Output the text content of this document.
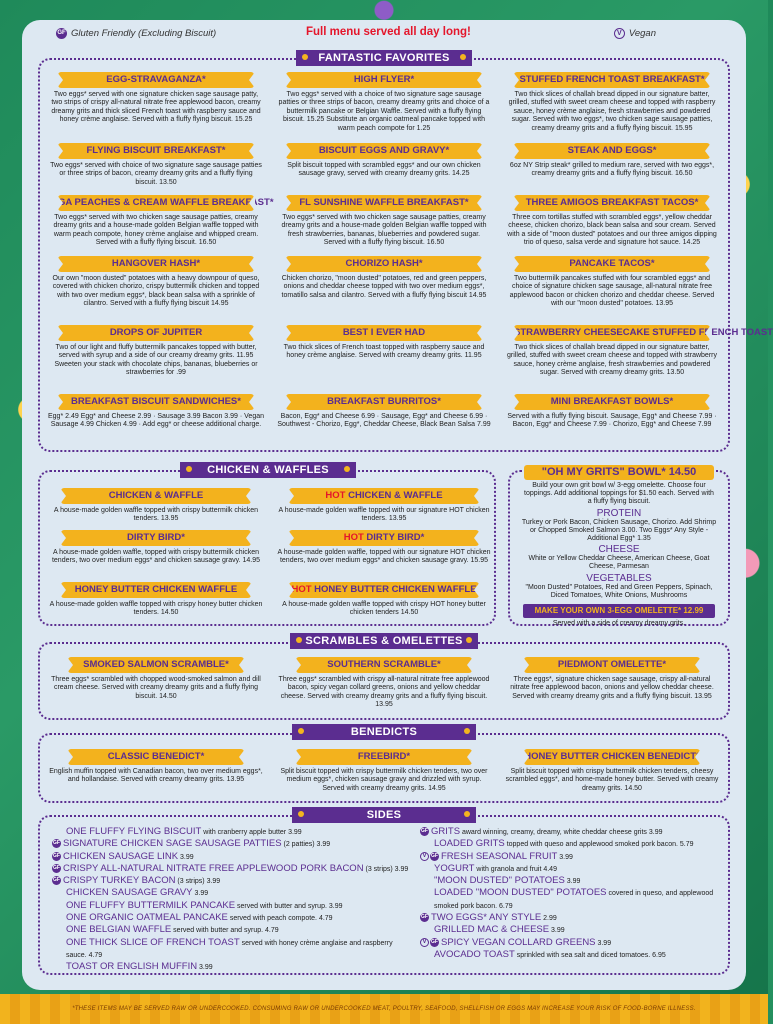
GF Gluten Friendly (Excluding Biscuit)	Full menu served all day long!	V Vegan
FANTASTIC FAVORITES
EGG-STRAVAGANZA*
Two eggs* served with one signature chicken sage sausage patty, two strips of crispy all-natural nitrate free applewood bacon, creamy dreamy grits and thick sliced French toast with raspberry sauce and honey crème anglaise. Served with a fluffy flying biscuit. 15.25
HIGH FLYER*
Two eggs* served with a choice of two signature sage sausage patties or three strips of bacon, creamy dreamy grits and choice of a buttermilk pancake or Belgian Waffle. Served with a fluffy flying biscuit. 15.25 Substitute an organic oatmeal pancake topped with warm peach compote for 1.25
STUFFED FRENCH TOAST BREAKFAST*
Two thick slices of challah bread dipped in our signature batter, grilled, stuffed with sweet cream cheese and topped with raspberry sauce, honey crème anglaise, fresh strawberries and powdered sugar. Served with two eggs*, two chicken sage sausage patties, creamy dreamy grits and a fluffy flying biscuit. 15.95
FLYING BISCUIT BREAKFAST*
Two eggs* served with choice of two signature sage sausage patties or three strips of bacon, creamy dreamy grits and a fluffy flying biscuit. 13.50
BISCUIT EGGS AND GRAVY*
Split biscuit topped with scrambled eggs* and our own chicken sausage gravy, served with creamy dreamy grits. 14.25
STEAK AND EGGS*
6oz NY Strip steak* grilled to medium rare, served with two eggs*, creamy dreamy grits and a fluffy flying biscuit. 16.50
GA PEACHES & CREAM WAFFLE BREAKFAST*
Two eggs* served with two chicken sage sausage patties, creamy dreamy grits and a house-made golden Belgian waffle topped with warm peach compote, honey crème anglaise and whipped cream. Served with a fluffy flying biscuit. 16.50
FL SUNSHINE WAFFLE BREAKFAST*
Two eggs* served with two chicken sage sausage patties, creamy dreamy grits and a house-made golden Belgian waffle topped with fresh strawberries, bananas, blueberries and powdered sugar. Served with a fluffy flying biscuit. 16.50
THREE AMIGOS BREAKFAST TACOS*
Three corn tortillas stuffed with scrambled eggs*, yellow cheddar cheese, chicken chorizo, black bean salsa and sour cream. Served with a side of "moon dusted" potatoes and our three amigos dipping trio of queso, salsa verde and signature hot sauce. 14.25
HANGOVER HASH*
Our own "moon dusted" potatoes with a heavy downpour of queso, covered with chicken chorizo, crispy buttermilk chicken and topped with two over medium eggs*, black bean salsa with a sprinkle of cilantro. Served with a fluffy flying biscuit 14.95
CHORIZO HASH*
Chicken chorizo, "moon dusted" potatoes, red and green peppers, onions and cheddar cheese topped with two over medium eggs*, tomatillo salsa and cilantro. Served with a fluffy flying biscuit 14.95
PANCAKE TACOS*
Two buttermilk pancakes stuffed with four scrambled eggs* and choice of signature chicken sage sausage, all-natural nitrate free applewood bacon or chicken chorizo and cheddar cheese. Served with our "moon dusted" potatoes. 13.95
DROPS OF JUPITER
Two of our light and fluffy buttermilk pancakes topped with butter, served with syrup and a side of our creamy dreamy grits. 11.95 Sweeten your stack with chocolate chips, bananas, blueberries or strawberries for .99
BEST I EVER HAD
Two thick slices of French toast topped with raspberry sauce and honey crème anglaise. Served with creamy dreamy grits. 11.95
STRAWBERRY CHEESECAKE STUFFED FRENCH TOAST
Two thick slices of challah bread dipped in our signature batter, grilled, stuffed with sweet cream cheese and topped with strawberry sauce, honey crème anglaise, fresh strawberries and powdered sugar. Served with creamy dreamy grits. 13.50
BREAKFAST BISCUIT SANDWICHES*
Egg* 2.49 Egg* and Cheese 2.99 · Sausage 3.99 Bacon 3.99 · Vegan Sausage 4.99 Chicken 4.99 · Add egg* or cheese additional charge.
BREAKFAST BURRITOS*
Bacon, Egg* and Cheese 6.99 · Sausage, Egg* and Cheese 6.99 · Southwest - Chorizo, Egg*, Cheddar Cheese, Black Bean Salsa 7.99
MINI BREAKFAST BOWLS*
Served with a fluffy flying biscuit. Sausage, Egg* and Cheese 7.99 · Bacon, Egg* and Cheese 7.99 · Chorizo, Egg* and Cheese 7.99
CHICKEN & WAFFLES
CHICKEN & WAFFLE
A house-made golden waffle topped with crispy buttermilk chicken tenders. 13.95
HOT CHICKEN & WAFFLE
A house-made golden waffle topped with our signature HOT chicken tenders. 13.95
DIRTY BIRD*
A house-made golden waffle, topped with crispy buttermilk chicken tenders, two over medium eggs* and chicken sausage gravy. 14.95
HOT DIRTY BIRD*
A house-made golden waffle, topped with our signature HOT chicken tenders, two over medium eggs* and chicken sausage gravy. 15.95
HONEY BUTTER CHICKEN WAFFLE
A house-made golden waffle topped with crispy honey butter chicken tenders. 14.50
HOT HONEY BUTTER CHICKEN WAFFLE
A house-made golden waffle topped with crispy HOT honey butter chicken tenders 14.50
"OH MY GRITS" BOWL* 14.50
Build your own grit bowl w/ 3-egg omelette. Choose four toppings. Add additional toppings for $1.50 each. Served with a fluffy flying biscuit.
PROTEIN
Turkey or Pork Bacon, Chicken Sausage, Chorizo. Add Shrimp or Chopped Smoked Salmon 3.00. Two Eggs* Any Style - Additional Egg* 1.35
CHEESE
White or Yellow Cheddar Cheese, American Cheese, Goat Cheese, Parmesan
VEGETABLES
"Moon Dusted" Potatoes, Red and Green Peppers, Spinach, Diced Tomatoes, White Onions, Mushrooms
MAKE YOUR OWN 3-EGG OMELETTE* 12.99
Served with a side of creamy dreamy grits.
SCRAMBLES & OMELETTES
SMOKED SALMON SCRAMBLE*
Three eggs* scrambled with chopped wood-smoked salmon and dill cream cheese. Served with creamy dreamy grits and a fluffy flying biscuit. 14.50
SOUTHERN SCRAMBLE*
Three eggs* scrambled with crispy all-natural nitrate free applewood bacon, spicy vegan collard greens, onions and yellow cheddar cheese. Served with creamy dreamy grits and a fluffy flying biscuit. 13.95
PIEDMONT OMELETTE*
Three eggs*, signature chicken sage sausage, crispy all-natural nitrate free applewood bacon, onions and yellow cheddar cheese. Served with creamy dreamy grits and a fluffy flying biscuit. 13.95
BENEDICTS
CLASSIC BENEDICT*
English muffin topped with Canadian bacon, two over medium eggs*, and hollandaise. Served with creamy dreamy grits. 13.95
FREEBIRD*
Split biscuit topped with crispy buttermilk chicken tenders, two over medium eggs*, chicken sausage gravy and drizzled with syrup. Served with creamy dreamy grits. 14.95
HONEY BUTTER CHICKEN BENEDICT*
Split biscuit topped with crispy buttermilk chicken tenders, cheesy scrambled eggs*, and home-made honey butter. Served with creamy dreamy grits. 14.50
SIDES
ONE FLUFFY FLYING BISCUIT with cranberry apple butter 3.99
GF SIGNATURE CHICKEN SAGE SAUSAGE PATTIES (2 patties) 3.99
GF CHICKEN SAUSAGE LINK 3.99
GF CRISPY ALL-NATURAL NITRATE FREE APPLEWOOD PORK BACON (3 strips) 3.99
GF CRISPY TURKEY BACON (3 strips) 3.99
CHICKEN SAUSAGE GRAVY 3.99
ONE FLUFFY BUTTERMILK PANCAKE served with butter and syrup. 3.99
ONE ORGANIC OATMEAL PANCAKE served with peach compote. 4.79
ONE BELGIAN WAFFLE served with butter and syrup. 4.79
ONE THICK SLICE OF FRENCH TOAST served with honey crème anglaise and raspberry sauce. 4.79
TOAST OR ENGLISH MUFFIN 3.99
GF GRITS award winning, creamy, dreamy, white cheddar cheese grits 3.99
LOADED GRITS topped with queso and applewood smoked pork bacon. 5.79
V GF FRESH SEASONAL FRUIT 3.99
YOGURT with granola and fruit 4.49
"MOON DUSTED" POTATOES 3.99
LOADED "MOON DUSTED" POTATOES covered in queso, and applewood smoked pork bacon. 6.79
GF TWO EGGS* ANY STYLE 2.99
GRILLED MAC & CHEESE 3.99
V GF SPICY VEGAN COLLARD GREENS 3.99
AVOCADO TOAST sprinkled with sea salt and diced tomatoes. 6.95
*THESE ITEMS MAY BE SERVED RAW OR UNDERCOOKED. CONSUMING RAW OR UNDERCOOKED MEAT, POULTRY, SEAFOOD, SHELLFISH OR EGGS MAY INCREASE YOUR RISK OF FOOD-BORNE ILLNESS.
